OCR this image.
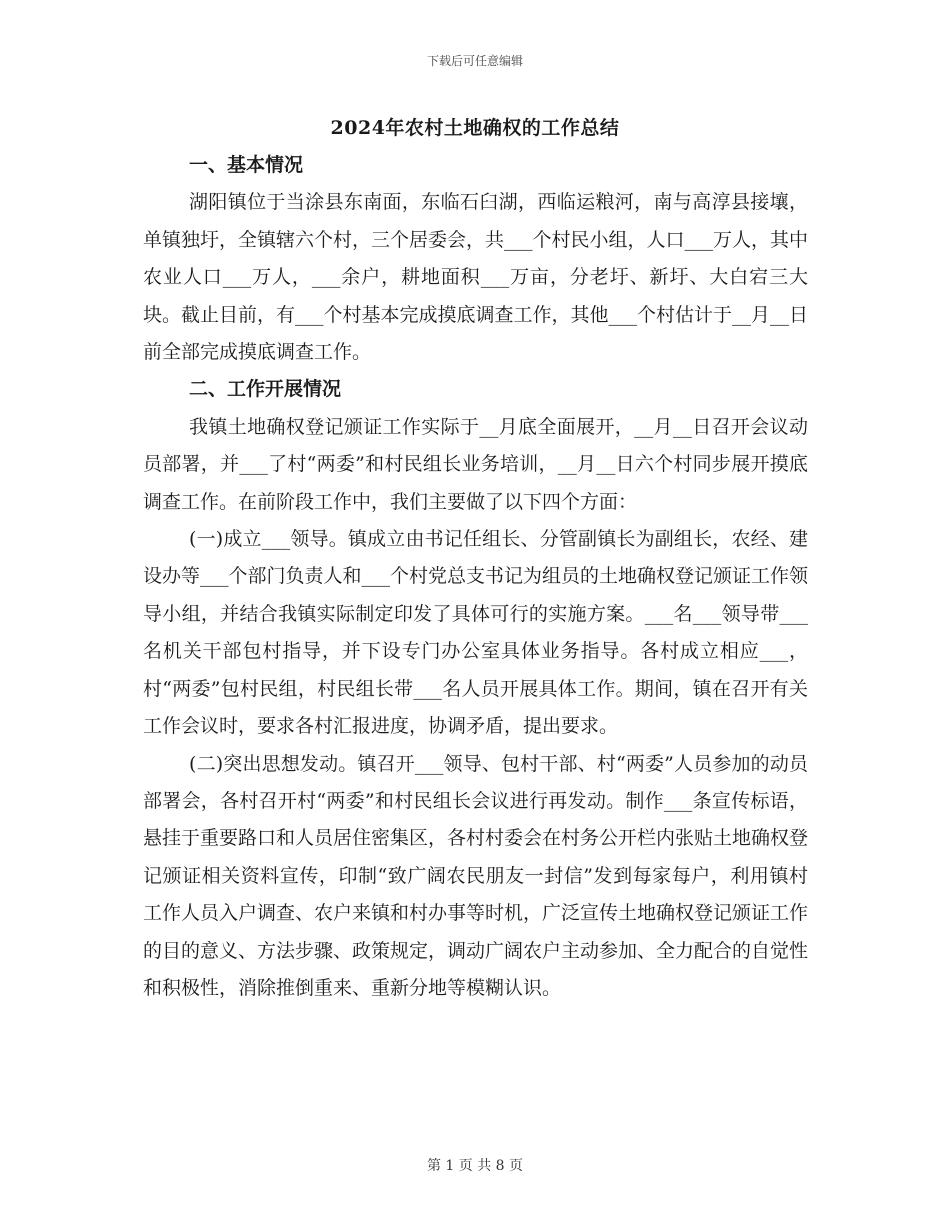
下载后可任意编辑
2024年农村土地确权的工作总结

一、基本情况

湖阳镇位于当涂县东南面，东临石臼湖，西临运粮河，南与高淳县接壤，单镇独圩，全镇辖六个村，三个居委会，共___个村民小组，人口___万人，其中农业人口___万人，___余户，耕地面积___万亩，分老圩、新圩、大白宕三大块。截止目前，有___个村基本完成摸底调查工作，其他___个村估计于__月__日前全部完成摸底调查工作。

二、工作开展情况

我镇土地确权登记颁证工作实际于__月底全面展开，__月__日召开会议动员部署，并___了村“两委”和村民组长业务培训，__月__日六个村同步展开摸底调查工作。在前阶段工作中，我们主要做了以下四个方面：

(一)成立___领导。镇成立由书记任组长、分管副镇长为副组长，农经、建设办等___个部门负责人和___个村党总支书记为组员的土地确权登记颁证工作领导小组，并结合我镇实际制定印发了具体可行的实施方案。___名___领导带___名机关干部包村指导，并下设专门办公室具体业务指导。各村成立相应___，村“两委”包村民组，村民组长带___名人员开展具体工作。期间，镇在召开有关工作会议时，要求各村汇报进度，协调矛盾，提出要求。

(二)突出思想发动。镇召开___领导、包村干部、村“两委”人员参加的动员部署会，各村召开村“两委”和村民组长会议进行再发动。制作___条宣传标语，悬挂于重要路口和人员居住密集区，各村村委会在村务公开栏内张贴土地确权登记颁证相关资料宣传，印制“致广阔农民朋友一封信”发到每家每户，利用镇村工作人员入户调查、农户来镇和村办事等时机，广泛宣传土地确权登记颁证工作的目的意义、方法步骤、政策规定，调动广阔农户主动参加、全力配合的自觉性和积极性，消除推倒重来、重新分地等模糊认识。

第 1 页 共 8 页
